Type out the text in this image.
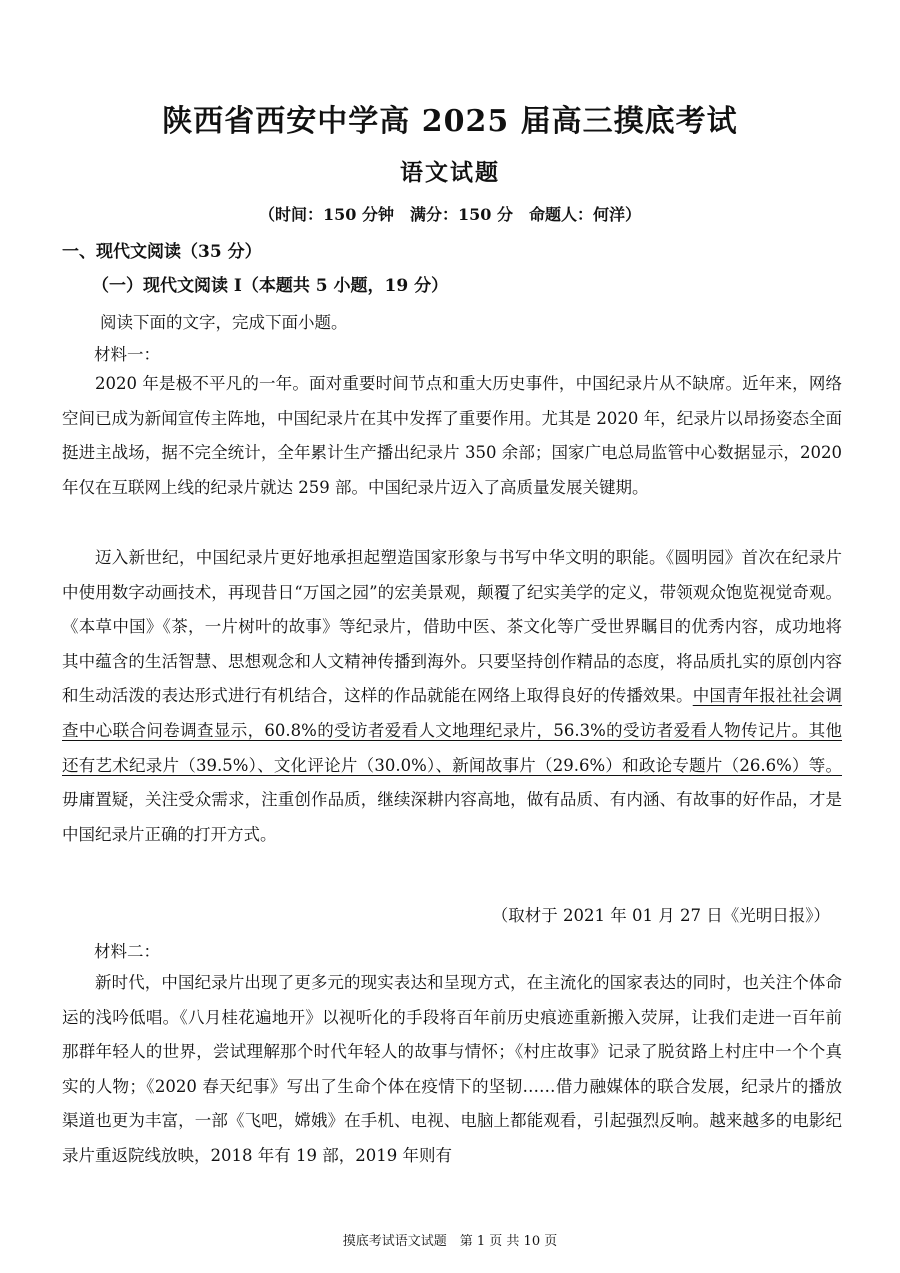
陕西省西安中学高 2025 届高三摸底考试
语文试题
（时间：150 分钟　满分：150 分　命题人：何洋）
一、现代文阅读（35 分）
（一）现代文阅读 I（本题共 5 小题，19 分）
阅读下面的文字，完成下面小题。
材料一：

2020 年是极不平凡的一年。面对重要时间节点和重大历史事件，中国纪录片从不缺席。近年来，网络空间已成为新闻宣传主阵地，中国纪录片在其中发挥了重要作用。尤其是 2020 年，纪录片以昂扬姿态全面挺进主战场，据不完全统计，全年累计生产播出纪录片 350 余部；国家广电总局监管中心数据显示，2020 年仅在互联网上线的纪录片就达 259 部。中国纪录片迈入了高质量发展关键期。

迈入新世纪，中国纪录片更好地承担起塑造国家形象与书写中华文明的职能。《圆明园》首次在纪录片中使用数字动画技术，再现昔日“万国之园”的宏美景观，颠覆了纪实美学的定义，带领观众饱览视觉奇观。《本草中国》《茶，一片树叶的故事》等纪录片，借助中医、茶文化等广受世界瞩目的优秀内容，成功地将其中蕴含的生活智慧、思想观念和人文精神传播到海外。只要坚持创作精品的态度，将品质扎实的原创内容和生动活泼的表达形式进行有机结合，这样的作品就能在网络上取得良好的传播效果。中国青年报社社会调查中心联合问卷调查显示，60.8%的受访者爱看人文地理纪录片，56.3%的受访者爱看人物传记片。其他还有艺术纪录片（39.5%）、文化评论片（30.0%）、新闻故事片（29.6%）和政论专题片（26.6%）等。毋庸置疑，关注受众需求，注重创作品质，继续深耕内容高地，做有品质、有内涵、有故事的好作品，才是中国纪录片正确的打开方式。

（取材于 2021 年 01 月 27 日《光明日报》）
材料二：

新时代，中国纪录片出现了更多元的现实表达和呈现方式，在主流化的国家表达的同时，也关注个体命运的浅吟低唱。《八月桂花遍地开》以视听化的手段将百年前历史痕迹重新搬入荧屏，让我们走进一百年前那群年轻人的世界，尝试理解那个时代年轻人的故事与情怀；《村庄故事》记录了脱贫路上村庄中一个个真实的人物；《2020 春天纪事》写出了生命个体在疫情下的坚韧……借力融媒体的联合发展，纪录片的播放渠道也更为丰富，一部《飞吧，嫦娥》在手机、电视、电脑上都能观看，引起强烈反响。越来越多的电影纪录片重返院线放映，2018 年有 19 部，2019 年则有

摸底考试语文试题　第 1 页 共 10 页
